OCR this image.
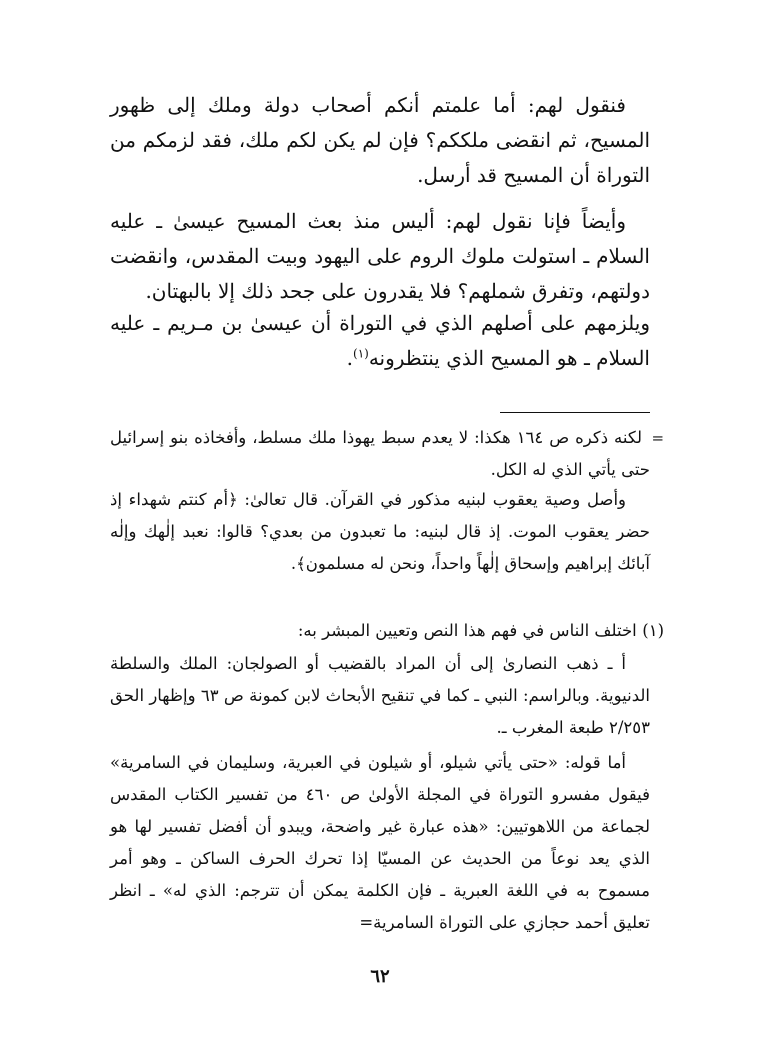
فنقول لهم: أما علمتم أنكم أصحاب دولة وملك إلى ظهور المسيح، ثم انقضى ملككم؟ فإن لم يكن لكم ملك، فقد لزمكم من التوراة أن المسيح قد أرسل.

وأيضاً فإنا نقول لهم: أليس منذ بعث المسيح عيسىٰ ـ عليه السلام ـ استولت ملوك الروم على اليهود وبيت المقدس، وانقضت دولتهم، وتفرق شملهم؟ فلا يقدرون على جحد ذلك إلا بالبهتان.

ويلزمهم على أصلهم الذي في التوراة أن عيسىٰ بن مـريم ـ عليه السلام ـ هو المسيح الذي ينتظرونه$^{(١)}$.

=لكنه ذكره ص ١٦٤ هكذا: لا يعدم سبط يهوذا ملك مسلط، وأفخاذه بنو إسرائيل حتى يأتي الذي له الكل.

وأصل وصية يعقوب لبنيه مذكور في القرآن. قال تعالىٰ: ﴿أم كنتم شهداء إذ حضر يعقوب الموت. إذ قال لبنيه: ما تعبدون من بعدي؟ قالوا: نعبد إلٰهك وإلٰه آبائك إبراهيم وإسحاق إلٰهاً واحداً، ونحن له مسلمون﴾.

(١) اختلف الناس في فهم هذا النص وتعيين المبشر به:

أ ـ ذهب النصارىٰ إلى أن المراد بالقضيب أو الصولجان: الملك والسلطة الدنيوية. وبالراسم: النبي ـ كما في تنقيح الأبحاث لابن كمونة ص ٦٣ وإظهار الحق ٢/٢٥٣ طبعة المغرب ـ.

أما قوله: «حتى يأتي شيلو، أو شيلون في العبرية، وسليمان في السامرية» فيقول مفسرو التوراة في المجلة الأولىٰ ص ٤٦٠ من تفسير الكتاب المقدس لجماعة من اللاهوتيين: «هذه عبارة غير واضحة، ويبدو أن أفضل تفسير لها هو الذي يعد نوعاً من الحديث عن المسيّا إذا تحرك الحرف الساكن ـ وهو أمر مسموح به في اللغة العبرية ـ فإن الكلمة يمكن أن تترجم: الذي له» ـ انظر تعليق أحمد حجازي على التوراة السامرية=

٦٢
